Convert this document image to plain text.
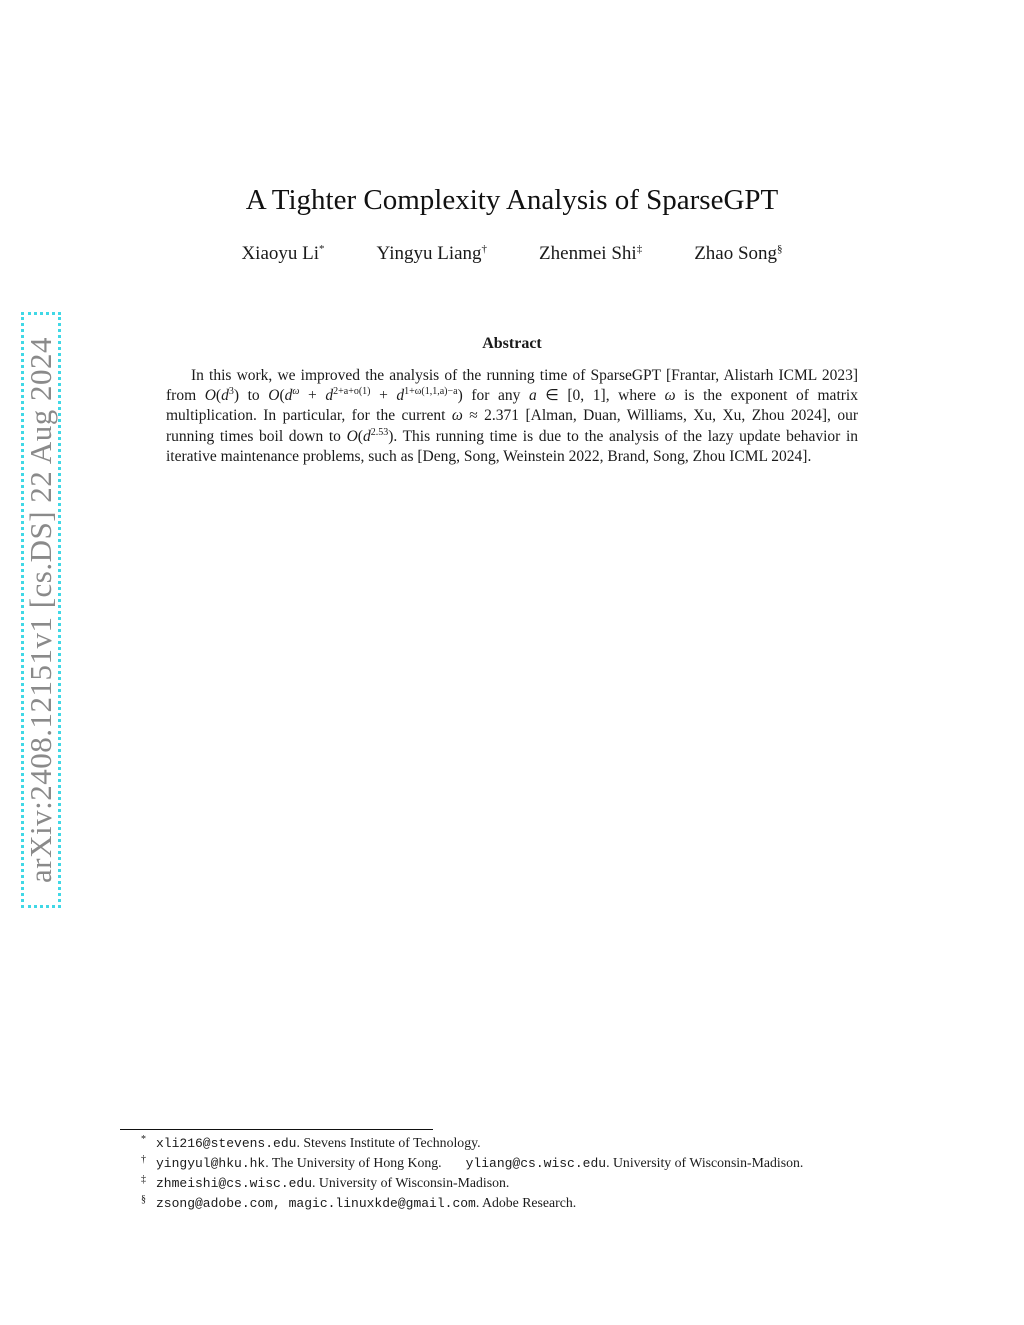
arXiv:2408.12151v1 [cs.DS] 22 Aug 2024
A Tighter Complexity Analysis of SparseGPT
Xiaoyu Li*	Yingyu Liang†	Zhenmei Shi‡	Zhao Song§
Abstract

In this work, we improved the analysis of the running time of SparseGPT [Frantar, Alistarh ICML 2023] from $O(d^3)$ to $O(d^\omega + d^{2+a+o(1)} + d^{1+\omega(1,1,a)-a})$ for any a ∈ [0, 1], where ω is the exponent of matrix multiplication. In particular, for the current ω ≈ 2.371 [Alman, Duan, Williams, Xu, Xu, Zhou 2024], our running times boil down to $O(d^{2.53})$. This running time is due to the analysis of the lazy update behavior in iterative maintenance problems, such as [Deng, Song, Weinstein 2022, Brand, Song, Zhou ICML 2024].

* xli216@stevens.edu. Stevens Institute of Technology.
† yingyul@hku.hk. The University of Hong Kong. yliang@cs.wisc.edu. University of Wisconsin-Madison.
‡ zhmeishi@cs.wisc.edu. University of Wisconsin-Madison.
§ zsong@adobe.com, magic.linuxkde@gmail.com. Adobe Research.
